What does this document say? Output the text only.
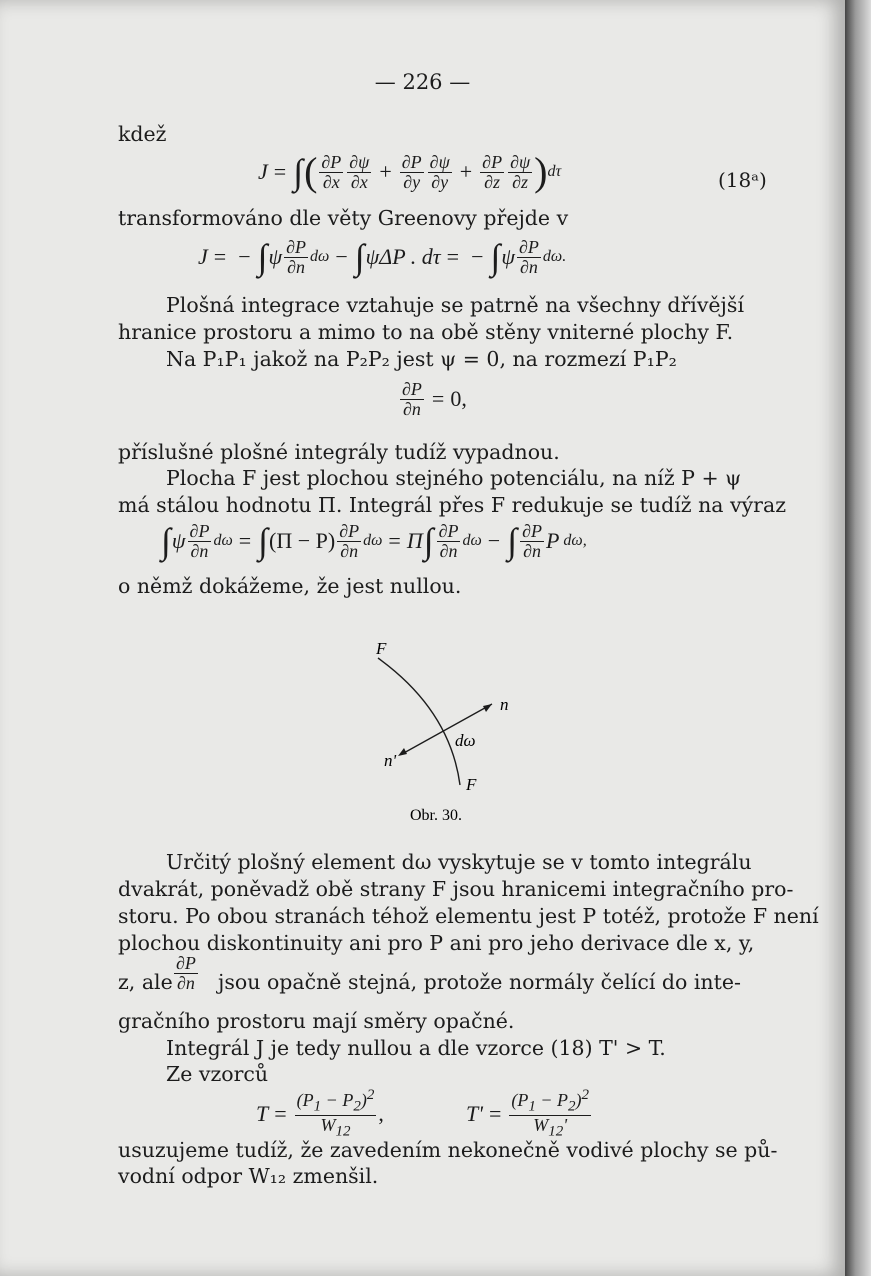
— 226 —
kdež
J = ∫ ( $\frac{\partial P}{\partial x} \frac{\partial\psi}{\partial x} + \frac{\partial P}{\partial y} \frac{\partial\psi}{\partial y} + \frac{\partial P}{\partial z} \frac{\partial\psi}{\partial z}$ ) dτ	(18ᵃ)
transformováno dle věty Greenovy přejde v
J = − ∫ ψ $\frac{\partial P}{\partial n}$ dω − ∫ ψΔP . dτ = − ∫ ψ $\frac{\partial P}{\partial n} d\omega$.
Plošná integrace vztahuje se patrně na všechny dřívější
hranice prostoru a mimo to na obě stěny vniterné plochy F.
Na P₁P₁ jakož na P₂P₂ jest ψ = 0, na rozmezí P₁P₂
$\frac{\partial P}{\partial n} = 0$,
příslušné plošné integrály tudíž vypadnou.
Plocha F jest plochou stejného potenciálu, na níž P + ψ
má stálou hodnotu Π. Integrál přes F redukuje se tudíž na výraz
∫ ψ $\frac{\partial P}{\partial n}$ dω = ∫ $(\Pi - P) \frac{\partial P}{\partial n}$ dω = Π ∫ $\frac{\partial P}{\partial n}$ dω − ∫ $\frac{\partial P}{\partial n}$ P dω,
o němž dokážeme, že jest nullou.
F
n
n'
dω
F
Obr. 30.
Určitý plošný element dω vyskytuje se v tomto integrálu
dvakrát, poněvadž obě strany F jsou hranicemi integračního pro-
storu. Po obou stranách téhož elementu jest P totéž, protože F není
plochou diskontinuity ani pro P ani pro jeho derivace dle x, y,
z, ale $\frac{\partial P}{\partial n}$ jsou opačně stejná, protože normály čelící do inte-
gračního prostoru mají směry opačné.
Integrál J je tedy nullou a dle vzorce (18) T' > T.
Ze vzorců
$T = \frac{(P_1 - P_2)^2}{W_{12}}$ ,	$T' = \frac{(P_1 - P_2)^2}{W_{12}'}$
usuzujeme tudíž, že zavedením nekonečně vodivé plochy se pů-
vodní odpor W₁₂ zmenšil.
